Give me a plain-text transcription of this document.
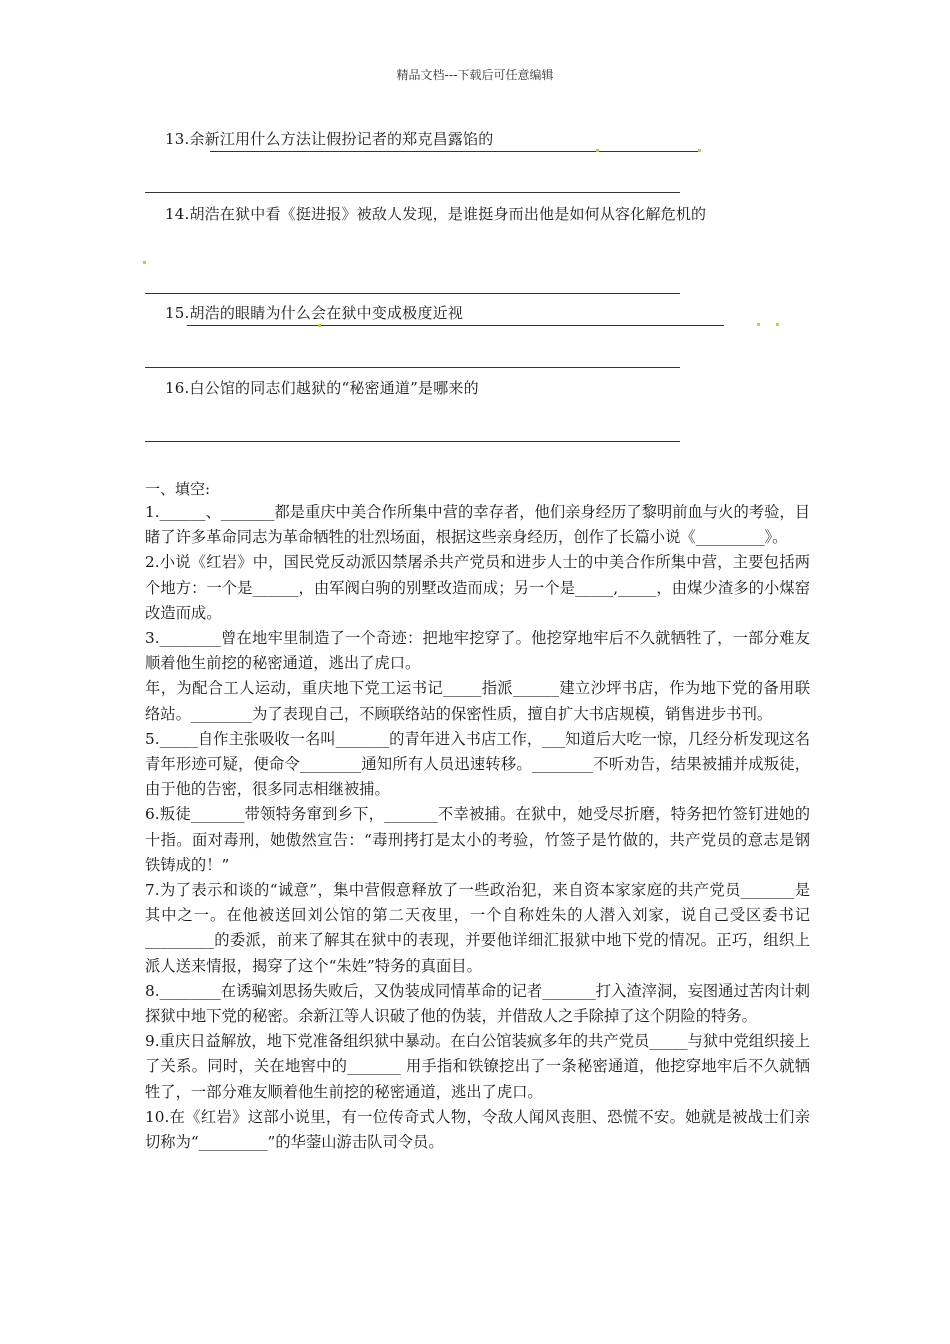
精品文档---下载后可任意编辑
13.余新江用什么方法让假扮记者的郑克昌露馅的
14.胡浩在狱中看《挺进报》被敌人发现，是谁挺身而出他是如何从容化解危机的
15.胡浩的眼睛为什么会在狱中变成极度近视
16.白公馆的同志们越狱的“秘密通道”是哪来的
一、填空:

1.______、_______都是重庆中美合作所集中营的幸存者，他们亲身经历了黎明前血与火的考验，目睹了许多革命同志为革命牺牲的壮烈场面，根据这些亲身经历，创作了长篇小说《_________》。

2.小说《红岩》中，国民党反动派囚禁屠杀共产党员和进步人士的中美合作所集中营，主要包括两个地方：一个是______，由军阀白驹的别墅改造而成；另一个是_____,_____，由煤少渣多的小煤窑改造而成。

3.________曾在地牢里制造了一个奇迹：把地牢挖穿了。他挖穿地牢后不久就牺牲了，一部分难友顺着他生前挖的秘密通道，逃出了虎口。

年，为配合工人运动，重庆地下党工运书记_____指派______建立沙坪书店，作为地下党的备用联络站。________为了表现自己，不顾联络站的保密性质，擅自扩大书店规模，销售进步书刊。

5._____自作主张吸收一名叫_______的青年进入书店工作，___知道后大吃一惊，几经分析发现这名青年形迹可疑，便命令________通知所有人员迅速转移。________不听劝告，结果被捕并成叛徒，由于他的告密，很多同志相继被捕。

6.叛徒_______带领特务窜到乡下，_______不幸被捕。在狱中，她受尽折磨，特务把竹签钉进她的十指。面对毒刑，她傲然宣告：“毒刑拷打是太小的考验，竹签子是竹做的，共产党员的意志是钢铁铸成的！”

7.为了表示和谈的“诚意”，集中营假意释放了一些政治犯，来自资本家家庭的共产党员_______是其中之一。在他被送回刘公馆的第二天夜里，一个自称姓朱的人潜入刘家，说自己受区委书记_________的委派，前来了解其在狱中的表现，并要他详细汇报狱中地下党的情况。正巧，组织上派人送来情报，揭穿了这个“朱姓”特务的真面目。

8.________在诱骗刘思扬失败后，又伪装成同情革命的记者_______打入渣滓洞，妄图通过苦肉计刺探狱中地下党的秘密。余新江等人识破了他的伪装，并借敌人之手除掉了这个阴险的特务。

9.重庆日益解放，地下党准备组织狱中暴动。在白公馆装疯多年的共产党员_____与狱中党组织接上了关系。同时，关在地窖中的_______ 用手指和铁镣挖出了一条秘密通道，他挖穿地牢后不久就牺牲了，一部分难友顺着他生前挖的秘密通道，逃出了虎口。

10.在《红岩》这部小说里，有一位传奇式人物，令敌人闻风丧胆、恐慌不安。她就是被战士们亲切称为“_________”的华蓥山游击队司令员。
